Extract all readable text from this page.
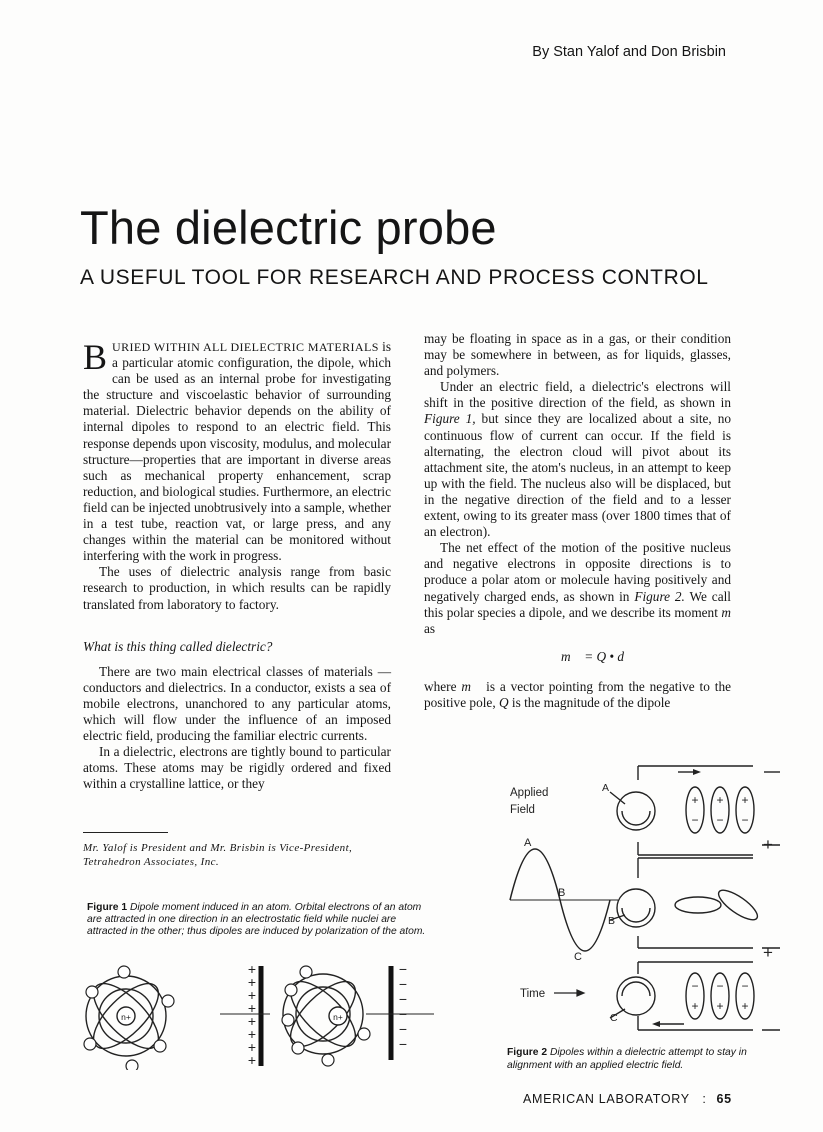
By Stan Yalof and Don Brisbin
The dielectric probe
A USEFUL TOOL FOR RESEARCH AND PROCESS CONTROL

BURIED WITHIN ALL DIELECTRIC MATERIALS is a particular atomic configuration, the dipole, which can be used as an internal probe for investigating the structure and viscoelastic behavior of surrounding material. Dielectric behavior depends on the ability of internal dipoles to respond to an electric field. This response depends upon viscosity, modulus, and molecular structure—properties that are important in diverse areas such as mechanical property enhancement, scrap reduction, and biological studies. Furthermore, an electric field can be injected unobtrusively into a sample, whether in a test tube, reaction vat, or large press, and any changes within the material can be monitored without interfering with the work in progress.

The uses of dielectric analysis range from basic research to production, in which results can be rapidly translated from laboratory to factory.

What is this thing called dielectric?

There are two main electrical classes of materials —conductors and dielectrics. In a conductor, exists a sea of mobile electrons, unanchored to any particular atoms, which will flow under the influence of an imposed electric field, producing the familiar electric currents.

In a dielectric, electrons are tightly bound to particular atoms. These atoms may be rigidly ordered and fixed within a crystalline lattice, or they

may be floating in space as in a gas, or their condition may be somewhere in between, as for liquids, glasses, and polymers.

Under an electric field, a dielectric's electrons will shift in the positive direction of the field, as shown in Figure 1, but since they are localized about a site, no continuous flow of current can occur. If the field is alternating, the electron cloud will pivot about its attachment site, the atom's nucleus, in an attempt to keep up with the field. The nucleus also will be displaced, but in the negative direction of the field and to a lesser extent, owing to its greater mass (over 1800 times that of an electron).

The net effect of the motion of the positive nucleus and negative electrons in opposite directions is to produce a polar atom or molecule having positively and negatively charged ends, as shown in Figure 2. We call this polar species a dipole, and we describe its moment m as

m⃗ = Q • d

where m⃗ is a vector pointing from the negative to the positive pole, Q is the magnitude of the dipole

Mr. Yalof is President and Mr. Brisbin is Vice-President, Tetrahedron Associates, Inc.
Figure 1 Dipole moment induced in an atom. Orbital electrons of an atom are attracted in one direction in an electrostatic field while nuclei are attracted in the other; thus dipoles are induced by polarization of the atom.
n+
+
+
+
+
+
+
+
+
n+
−
−
−
−
−
−
Applied
Field
A
B
C
Time
A
+ + +
− − −
+
B
+
C
− − −
+ + +
Figure 2 Dipoles within a dielectric attempt to stay in alignment with an applied electric field.
AMERICAN LABORATORY : 65
